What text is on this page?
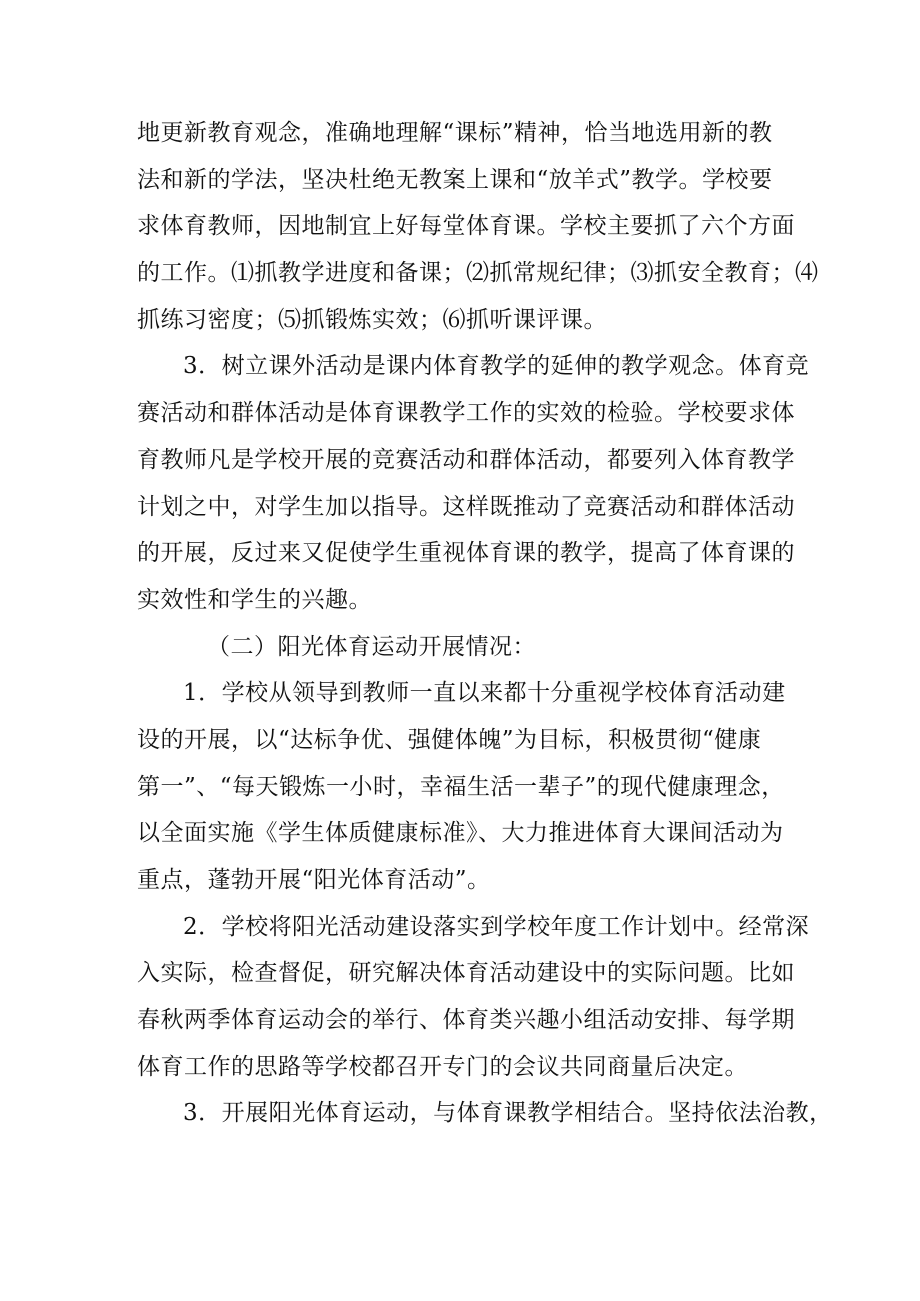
地更新教育观念，准确地理解“课标”精神，恰当地选用新的教
法和新的学法，坚决杜绝无教案上课和“放羊式”教学。学校要
求体育教师，因地制宜上好每堂体育课。学校主要抓了六个方面
的工作。⑴抓教学进度和备课；⑵抓常规纪律；⑶抓安全教育；⑷
抓练习密度；⑸抓锻炼实效；⑹抓听课评课。
3．树立课外活动是课内体育教学的延伸的教学观念。体育竞
赛活动和群体活动是体育课教学工作的实效的检验。学校要求体
育教师凡是学校开展的竞赛活动和群体活动，都要列入体育教学
计划之中，对学生加以指导。这样既推动了竞赛活动和群体活动
的开展，反过来又促使学生重视体育课的教学，提高了体育课的
实效性和学生的兴趣。
（二）阳光体育运动开展情况：
1．学校从领导到教师一直以来都十分重视学校体育活动建
设的开展，以“达标争优、强健体魄”为目标，积极贯彻“健康
第一”、“每天锻炼一小时，幸福生活一辈子”的现代健康理念，
以全面实施《学生体质健康标准》、大力推进体育大课间活动为
重点，蓬勃开展“阳光体育活动”。
2．学校将阳光活动建设落实到学校年度工作计划中。经常深
入实际，检查督促，研究解决体育活动建设中的实际问题。比如
春秋两季体育运动会的举行、体育类兴趣小组活动安排、每学期
体育工作的思路等学校都召开专门的会议共同商量后决定。
3．开展阳光体育运动，与体育课教学相结合。坚持依法治教，
